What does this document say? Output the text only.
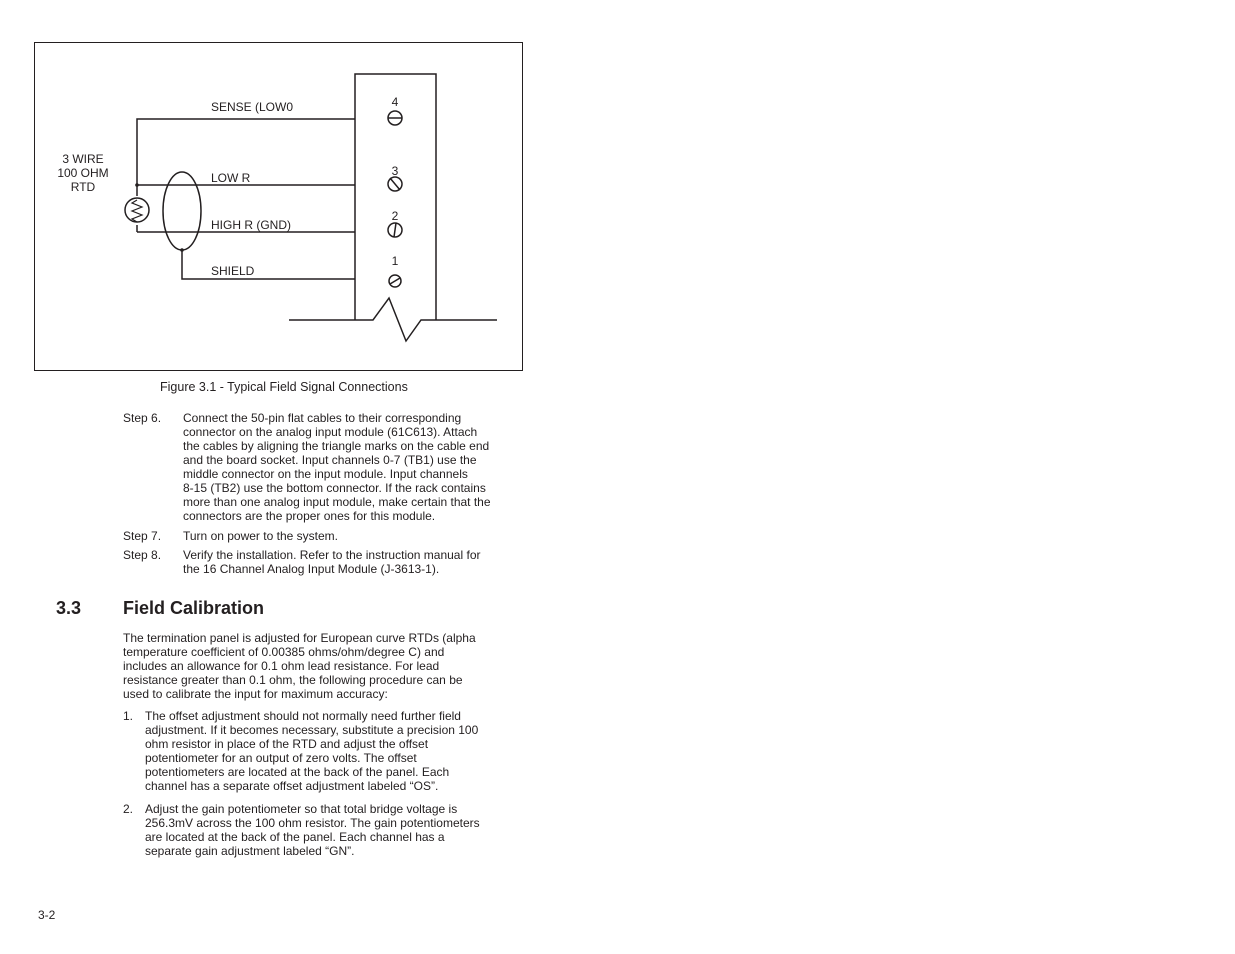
3 WIRE
100 OHM
RTD
SENSE (LOW0
LOW R
HIGH R (GND)
SHIELD
4
3
2
1
Figure 3.1 - Typical Field Signal Connections
Step 6.	Connect the 50-pin flat cables to their corresponding
connector on the analog input module (61C613). Attach
the cables by aligning the triangle marks on the cable end
and the board socket. Input channels 0-7 (TB1) use the
middle connector on the input module. Input channels
8-15 (TB2) use the bottom connector. If the rack contains
more than one analog input module, make certain that the
connectors are the proper ones for this module.
Step 7.	Turn on power to the system.
Step 8.	Verify the installation. Refer to the instruction manual for
the 16 Channel Analog Input Module (J-3613-1).
3.3 Field Calibration
The termination panel is adjusted for European curve RTDs (alpha
temperature coefficient of 0.00385 ohms/ohm/degree C) and
includes an allowance for 0.1 ohm lead resistance. For lead
resistance greater than 0.1 ohm, the following procedure can be
used to calibrate the input for maximum accuracy:
1. The offset adjustment should not normally need further field
adjustment. If it becomes necessary, substitute a precision 100
ohm resistor in place of the RTD and adjust the offset
potentiometer for an output of zero volts. The offset
potentiometers are located at the back of the panel. Each
channel has a separate offset adjustment labeled “OS”.
2. Adjust the gain potentiometer so that total bridge voltage is
256.3mV across the 100 ohm resistor. The gain potentiometers
are located at the back of the panel. Each channel has a
separate gain adjustment labeled “GN”.
3-2
